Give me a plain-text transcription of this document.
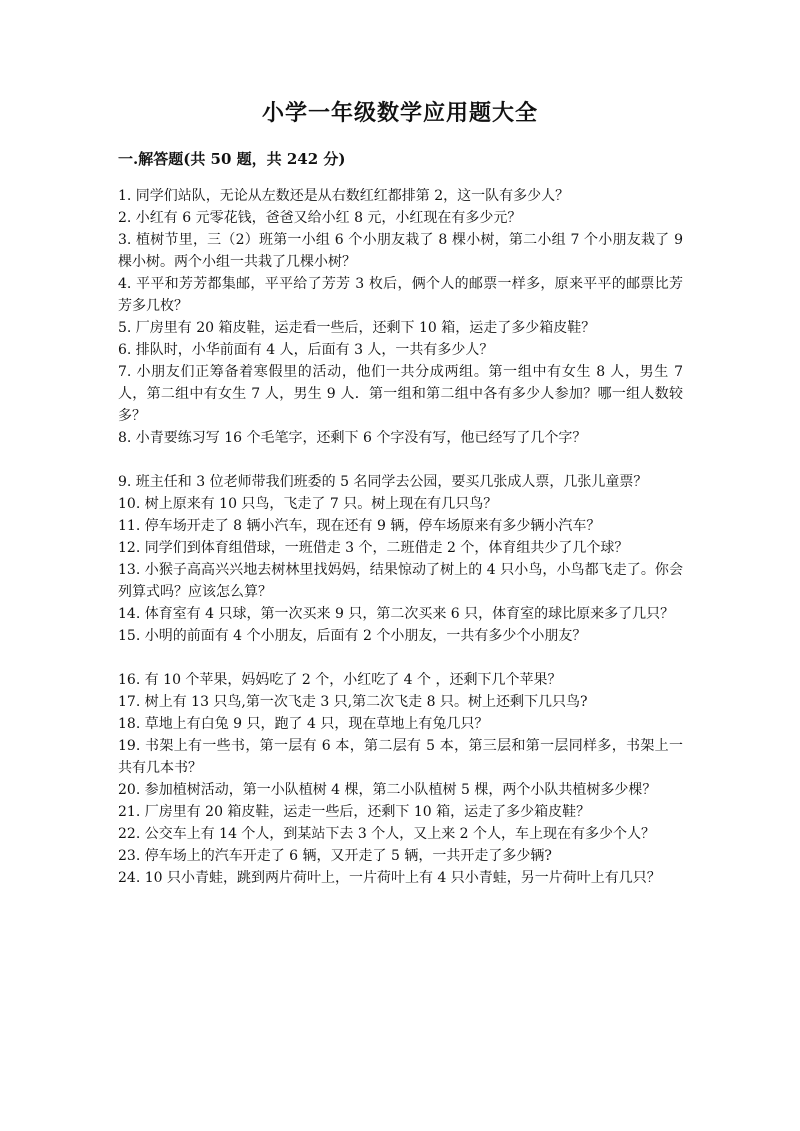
小学一年级数学应用题大全
一.解答题(共 50 题，共 242 分)

1. 同学们站队，无论从左数还是从右数红红都排第 2，这一队有多少人？

2. 小红有 6 元零花钱，爸爸又给小红 8 元，小红现在有多少元？

3. 植树节里，三（2）班第一小组 6 个小朋友栽了 8 棵小树，第二小组 7 个小朋友栽了 9 棵小树。两个小组一共栽了几棵小树？

4. 平平和芳芳都集邮，平平给了芳芳 3 枚后，俩个人的邮票一样多，原来平平的邮票比芳芳多几枚？

5. 厂房里有 20 箱皮鞋，运走看一些后，还剩下 10 箱，运走了多少箱皮鞋？

6. 排队时，小华前面有 4 人，后面有 3 人，一共有多少人？

7. 小朋友们正筹备着寒假里的活动，他们一共分成两组。第一组中有女生 8 人，男生 7 人，第二组中有女生 7 人，男生 9 人．第一组和第二组中各有多少人参加？哪一组人数较多？

8. 小青要练习写 16 个毛笔字，还剩下 6 个字没有写，他已经写了几个字？

9. 班主任和 3 位老师带我们班委的 5 名同学去公园，要买几张成人票，几张儿童票？

10. 树上原来有 10 只鸟，飞走了 7 只。树上现在有几只鸟？

11. 停车场开走了 8 辆小汽车，现在还有 9 辆，停车场原来有多少辆小汽车？

12. 同学们到体育组借球，一班借走 3 个，二班借走 2 个，体育组共少了几个球？

13. 小猴子高高兴兴地去树林里找妈妈，结果惊动了树上的 4 只小鸟，小鸟都飞走了。你会列算式吗？应该怎么算？

14. 体育室有 4 只球，第一次买来 9 只，第二次买来 6 只，体育室的球比原来多了几只？

15. 小明的前面有 4 个小朋友，后面有 2 个小朋友，一共有多少个小朋友？

16. 有 10 个苹果，妈妈吃了 2 个，小红吃了 4 个 ，还剩下几个苹果？

17. 树上有 13 只鸟,第一次飞走 3 只,第二次飞走 8 只。树上还剩下几只鸟?

18. 草地上有白兔 9 只，跑了 4 只，现在草地上有兔几只？

19. 书架上有一些书，第一层有 6 本，第二层有 5 本，第三层和第一层同样多，书架上一共有几本书？

20. 参加植树活动，第一小队植树 4 棵，第二小队植树 5 棵，两个小队共植树多少棵？

21. 厂房里有 20 箱皮鞋，运走一些后，还剩下 10 箱，运走了多少箱皮鞋？

22. 公交车上有 14 个人，到某站下去 3 个人，又上来 2 个人，车上现在有多少个人？

23. 停车场上的汽车开走了 6 辆，又开走了 5 辆，一共开走了多少辆?

24. 10 只小青蛙，跳到两片荷叶上，一片荷叶上有 4 只小青蛙，另一片荷叶上有几只？
